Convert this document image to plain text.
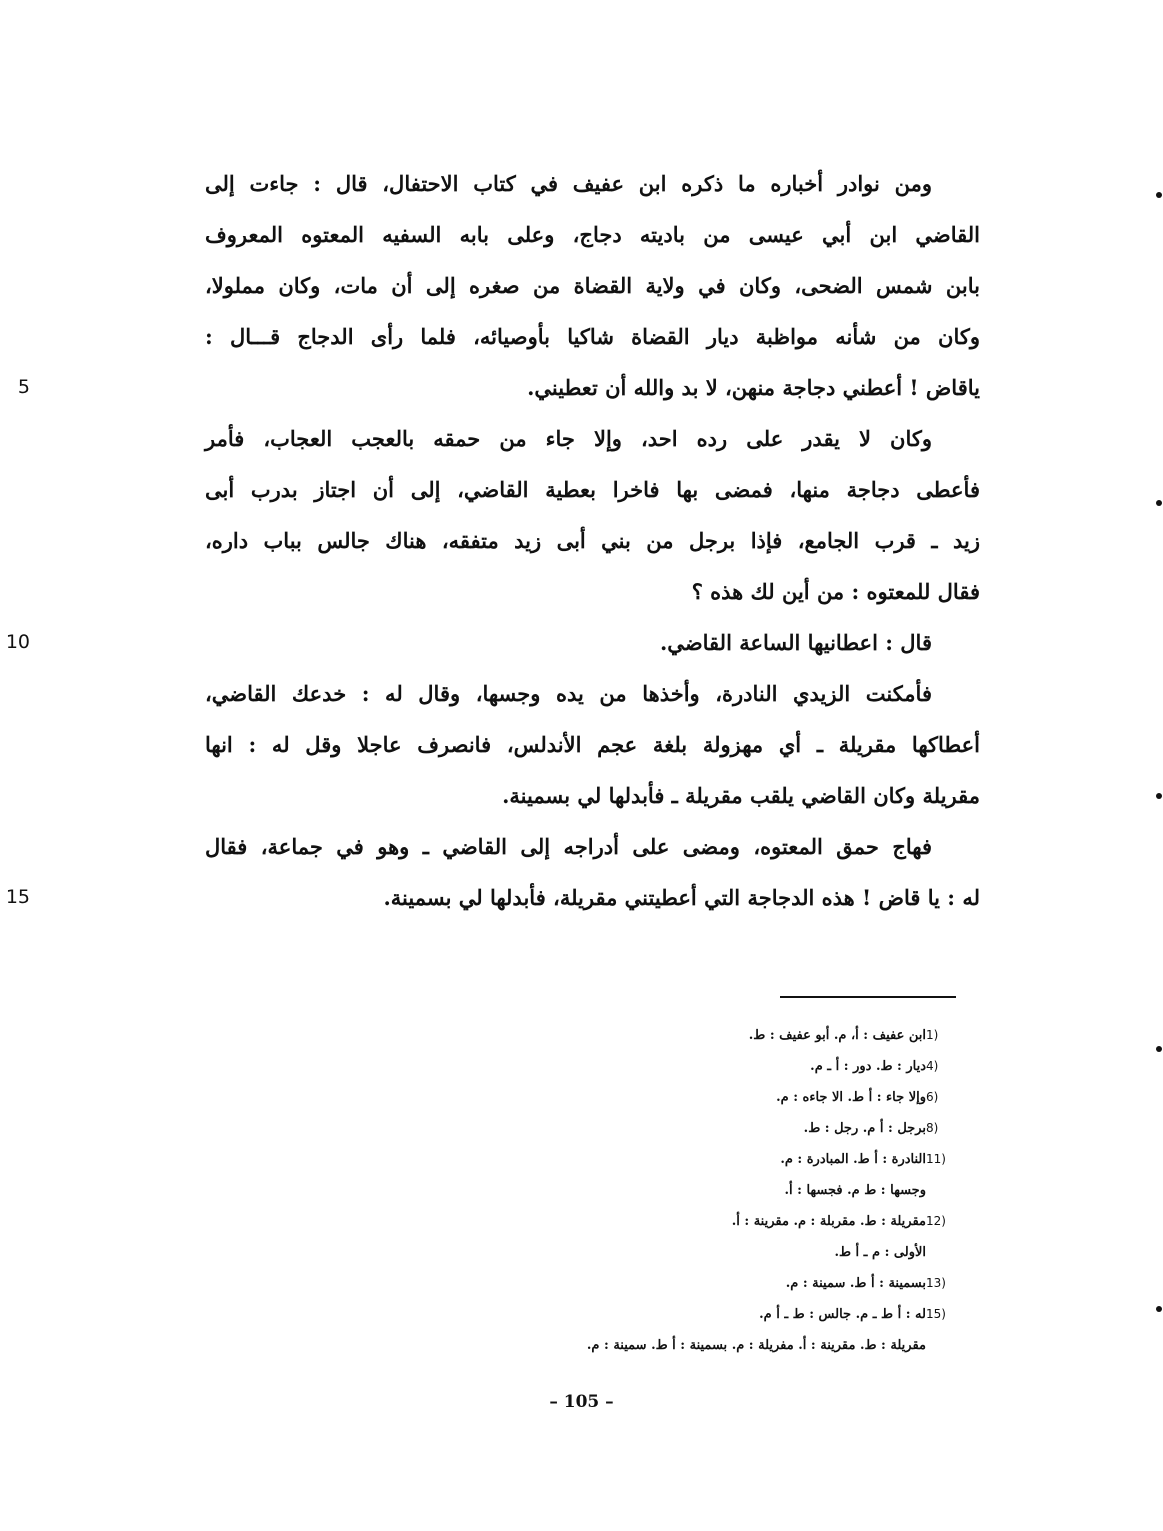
ومن نوادر أخباره ما ذكره ابن عفيف في كتاب الاحتفال، قال : جاءت إلى
القاضي ابن أبي عيسى من باديته دجاج، وعلى بابه السفيه المعتوه المعروف
بابن شمس الضحى، وكان في ولاية القضاة من صغره إلى أن مات، وكان مملولا،
وكان من شأنه مواظبة ديار القضاة شاكيا بأوصيائه، فلما رأى الدجاج قـــال :
ياقاض ! أعطني دجاجة منهن، لا بد والله أن تعطيني.
5
وكان لا يقدر على رده احد، وإلا جاء من حمقه بالعجب العجاب، فأمر
فأعطى دجاجة منها، فمضى بها فاخرا بعطية القاضي، إلى أن اجتاز بدرب أبى
زيد ـ قرب الجامع، فإذا برجل من بني أبى زيد متفقه، هناك جالس بباب داره،
فقال للمعتوه : من أين لك هذه ؟
قال : اعطانيها الساعة القاضي.
10
فأمكنت الزيدي النادرة، وأخذها من يده وجسها، وقال له : خدعك القاضي،
أعطاكها مقريلة ـ أي مهزولة بلغة عجم الأندلس، فانصرف عاجلا وقل له : انها
مقريلة وكان القاضي يلقب مقريلة ـ فأبدلها لي بسمينة.
فهاج حمق المعتوه، ومضى على أدراجه إلى القاضي ـ وهو في جماعة، فقال
له : يا قاض ! هذه الدجاجة التي أعطيتني مقريلة، فأبدلها لي بسمينة.
15
1)ابن عفيف : أ، م. أبو عفيف : ط.
4)ديار : ط. دور : أ ـ م.
6)وإلا جاء : أ ط. الا جاءه : م.
8)برجل : أ م. رجل : ط.
11)النادرة : أ ط. المبادرة : م.
وجسها : ط م. فجسها : أ.
12)مقريلة : ط. مقربلة : م. مقرينة : أ.
الأولى : م ـ أ ط.
13)بسمينة : أ ط. سمينة : م.
15)له : أ ط ـ م. جالس : ط ـ أ م.
مقريلة : ط. مقرينة : أ. مفريلة : م. بسمينة : أ ط. سمينة : م.
– 105 –
